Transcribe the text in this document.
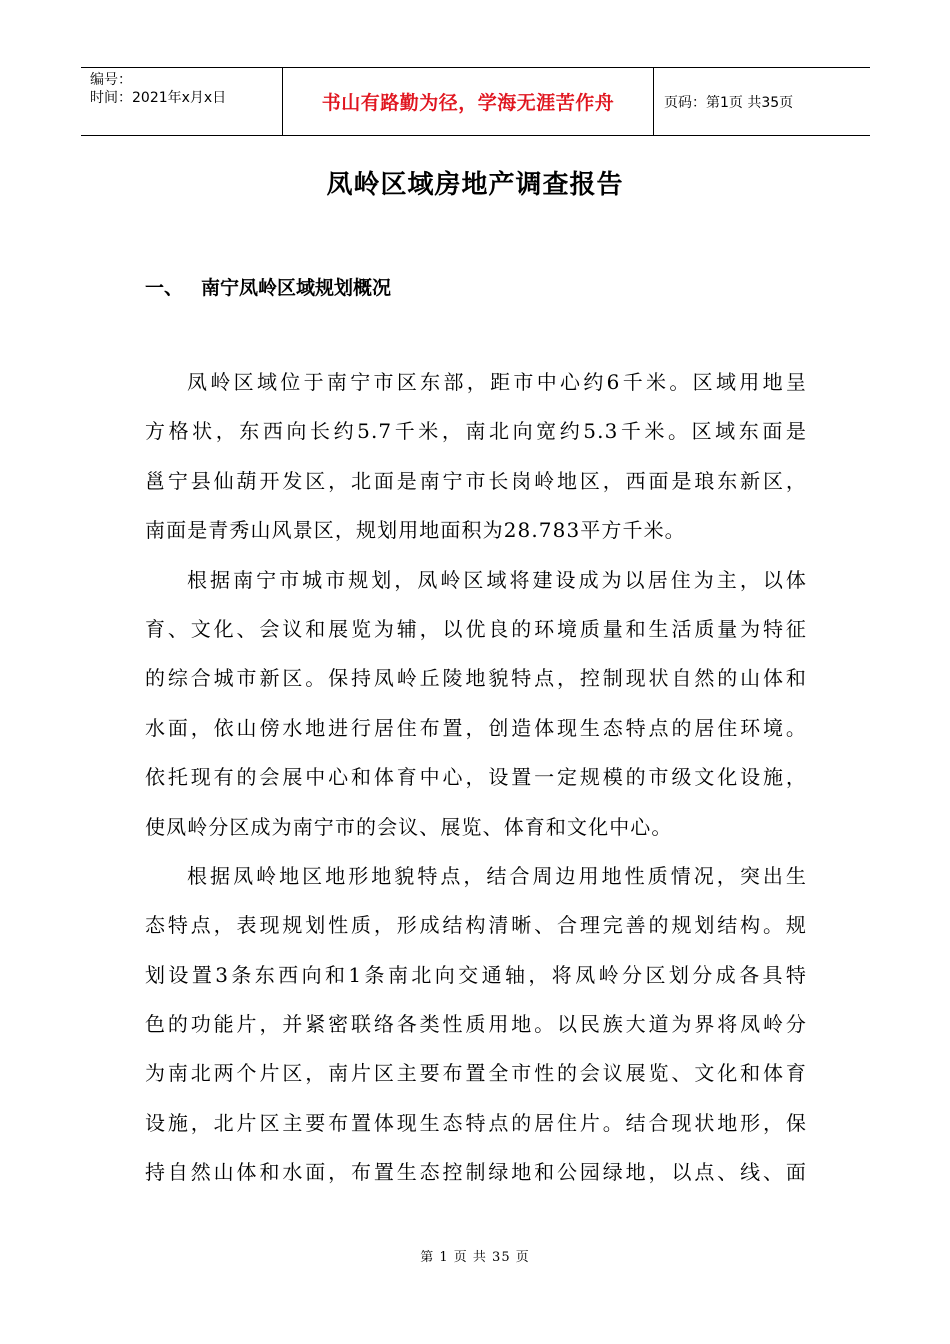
编号：
时间：2021年x月x日	书山有路勤为径，学海无涯苦作舟	页码：第1页 共35页
凤岭区域房地产调查报告
一、 南宁凤岭区域规划概况
凤岭区域位于南宁市区东部，距市中心约6千米。区域用地呈
方格状，东西向长约5.7千米，南北向宽约5.3千米。区域东面是
邕宁县仙葫开发区，北面是南宁市长岗岭地区，西面是琅东新区，
南面是青秀山风景区，规划用地面积为28.783平方千米。
根据南宁市城市规划，凤岭区域将建设成为以居住为主，以体
育、文化、会议和展览为辅，以优良的环境质量和生活质量为特征
的综合城市新区。保持凤岭丘陵地貌特点，控制现状自然的山体和
水面，依山傍水地进行居住布置，创造体现生态特点的居住环境。
依托现有的会展中心和体育中心，设置一定规模的市级文化设施，
使凤岭分区成为南宁市的会议、展览、体育和文化中心。
根据凤岭地区地形地貌特点，结合周边用地性质情况，突出生
态特点，表现规划性质，形成结构清晰、合理完善的规划结构。规
划设置3条东西向和1条南北向交通轴，将凤岭分区划分成各具特
色的功能片，并紧密联络各类性质用地。以民族大道为界将凤岭分
为南北两个片区，南片区主要布置全市性的会议展览、文化和体育
设施，北片区主要布置体现生态特点的居住片。结合现状地形，保
持自然山体和水面，布置生态控制绿地和公园绿地，以点、线、面
第 1 页 共 35 页
